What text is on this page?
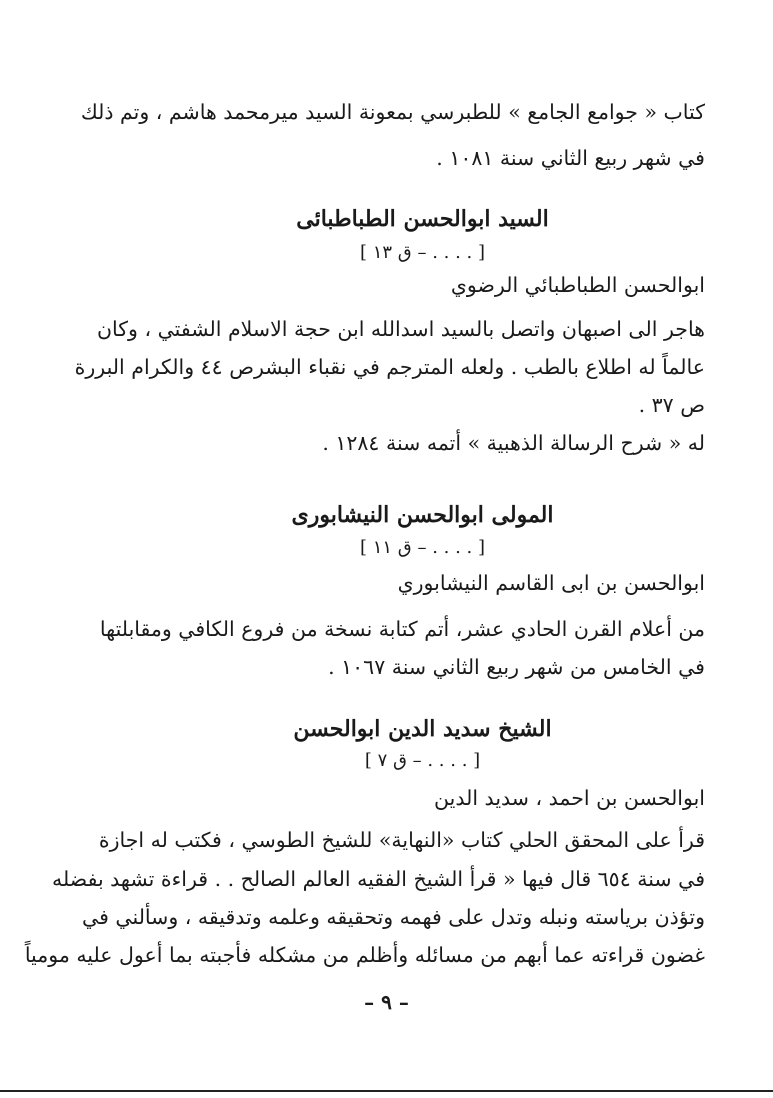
كتاب « جوامع الجامع » للطبرسي بمعونة السيد ميرمحمد هاشم ، وتم ذلك
في شهر ربيع الثاني سنة ١٠٨١ .
السيد ابوالحسن الطباطبائى
[ . . . . – ق ١٣ ]
ابوالحسن الطباطبائي الرضوي
هاجر الى اصبهان واتصل بالسيد اسدالله ابن حجة الاسلام الشفتي ، وكان
عالماً له اطلاع بالطب . ولعله المترجم في نقباء البشرص ٤٤ والكرام البررة
ص ٣٧ .
له « شرح الرسالة الذهبية » أتمه سنة ١٢٨٤ .
المولى ابوالحسن النيشابورى
[ . . . . – ق ١١ ]
ابوالحسن بن ابى القاسم النيشابوري
من أعلام القرن الحادي عشر، أتم كتابة نسخة من فروع الكافي ومقابلتها
في الخامس من شهر ربيع الثاني سنة ١٠٦٧ .
الشيخ سديد الدين ابوالحسن
[ . . . . – ق ٧ ]
ابوالحسن بن احمد ، سديد الدين
قرأ على المحقق الحلي كتاب «النهاية» للشيخ الطوسي ، فكتب له اجازة
في سنة ٦٥٤ قال فيها « قرأ الشيخ الفقيه العالم الصالح . . قراءة تشهد بفضله
وتؤذن برياسته ونبله وتدل على فهمه وتحقيقه وعلمه وتدقيقه ، وسألني في
غضون قراءته عما أبهم من مسائله وأظلم من مشكله فأجبته بما أعول عليه مومياً
– ٩ –
